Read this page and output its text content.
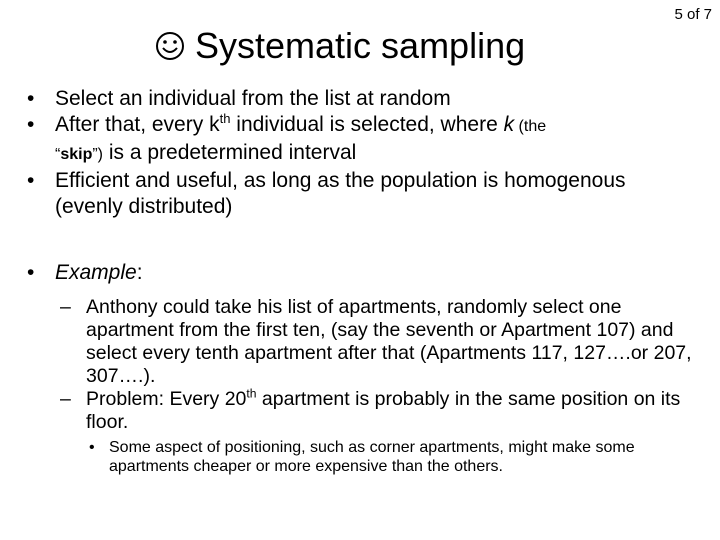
5 of 7
Systematic sampling

• Select an individual from the list at random

• After that, every $k^{th}$ individual is selected, where k (the
“skip”) is a predetermined interval

• Efficient and useful, as long as the population is homogenous (evenly distributed)

• Example:

– Anthony could take his list of apartments, randomly select one apartment from the first ten, (say the seventh or Apartment 107) and select every tenth apartment after that (Apartments 117, 127….or 207, 307….).
– Problem: Every 20th apartment is probably in the same position on its floor.
• Some aspect of positioning, such as corner apartments, might make some apartments cheaper or more expensive than the others.
